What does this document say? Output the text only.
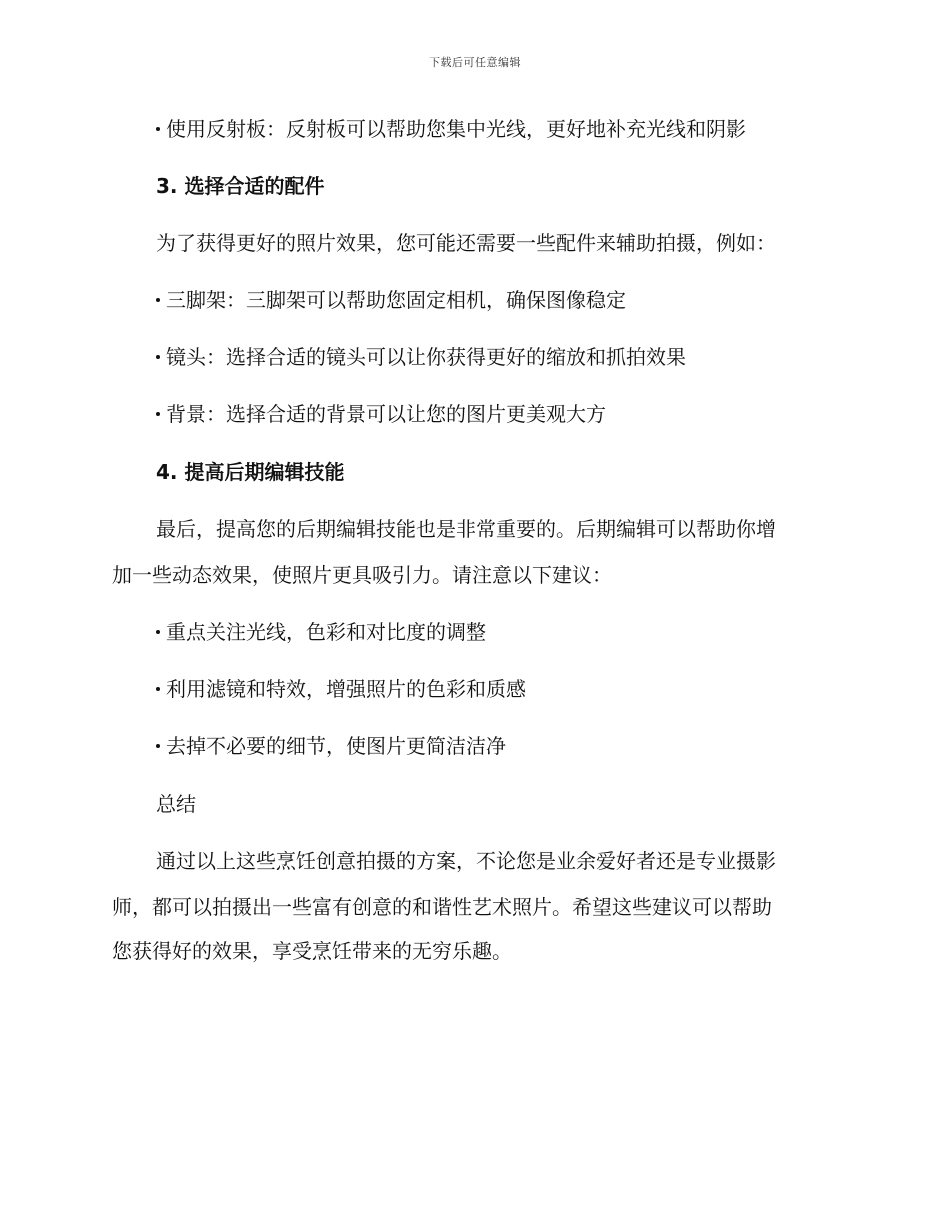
下载后可任意编辑
使用反射板：反射板可以帮助您集中光线，更好地补充光线和阴影
3. 选择合适的配件
为了获得更好的照片效果，您可能还需要一些配件来辅助拍摄，例如：
三脚架：三脚架可以帮助您固定相机，确保图像稳定
镜头：选择合适的镜头可以让你获得更好的缩放和抓拍效果
背景：选择合适的背景可以让您的图片更美观大方
4. 提高后期编辑技能
最后，提高您的后期编辑技能也是非常重要的。后期编辑可以帮助你增
加一些动态效果，使照片更具吸引力。请注意以下建议：
重点关注光线，色彩和对比度的调整
利用滤镜和特效，增强照片的色彩和质感
去掉不必要的细节，使图片更简洁洁净
总结
通过以上这些烹饪创意拍摄的方案，不论您是业余爱好者还是专业摄影
师，都可以拍摄出一些富有创意的和谐性艺术照片。希望这些建议可以帮助
您获得好的效果，享受烹饪带来的无穷乐趣。
